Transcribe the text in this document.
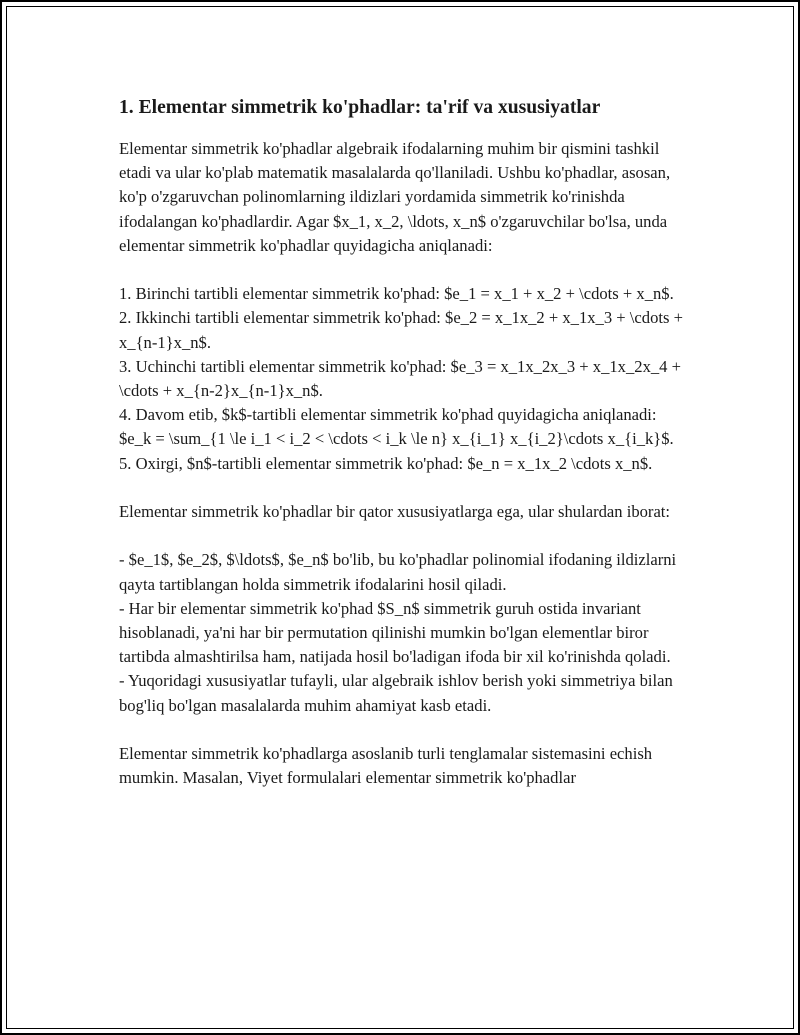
1. Elementar simmetrik ko'phadlar: ta'rif va xususiyatlar

Elementar simmetrik ko'phadlar algebraik ifodalarning muhim bir qismini tashkil etadi va ular ko'plab matematik masalalarda qo'llaniladi. Ushbu ko'phadlar, asosan, ko'p o'zgaruvchan polinomlarning ildizlari yordamida simmetrik ko'rinishda ifodalangan ko'phadlardir. Agar $x_1, x_2, \ldots, x_n$ o'zgaruvchilar bo'lsa, unda elementar simmetrik ko'phadlar quyidagicha aniqlanadi:

1. Birinchi tartibli elementar simmetrik ko'phad: $e_1 = x_1 + x_2 + \cdots + x_n$.
2. Ikkinchi tartibli elementar simmetrik ko'phad: $e_2 = x_1x_2 + x_1x_3 + \cdots + x_{n-1}x_n$.
3. Uchinchi tartibli elementar simmetrik ko'phad: $e_3 = x_1x_2x_3 + x_1x_2x_4 + \cdots + x_{n-2}x_{n-1}x_n$.
4. Davom etib, $k$-tartibli elementar simmetrik ko'phad quyidagicha aniqlanadi: $e_k = \sum_{1 \le i_1 < i_2 < \cdots < i_k \le n} x_{i_1} x_{i_2}\cdots x_{i_k}$.
5. Oxirgi, $n$-tartibli elementar simmetrik ko'phad: $e_n = x_1x_2 \cdots x_n$.

Elementar simmetrik ko'phadlar bir qator xususiyatlarga ega, ular shulardan iborat:

- $e_1$, $e_2$, $\ldots$, $e_n$ bo'lib, bu ko'phadlar polinomial ifodaning ildizlarni qayta tartiblangan holda simmetrik ifodalarini hosil qiladi.
- Har bir elementar simmetrik ko'phad $S_n$ simmetrik guruh ostida invariant hisoblanadi, ya'ni har bir permutation qilinishi mumkin bo'lgan elementlar biror tartibda almashtirilsa ham, natijada hosil bo'ladigan ifoda bir xil ko'rinishda qoladi.
- Yuqoridagi xususiyatlar tufayli, ular algebraik ishlov berish yoki simmetriya bilan bog'liq bo'lgan masalalarda muhim ahamiyat kasb etadi.

Elementar simmetrik ko'phadlarga asoslanib turli tenglamalar sistemasini echish mumkin. Masalan, Viyet formulalari elementar simmetrik ko'phadlar
